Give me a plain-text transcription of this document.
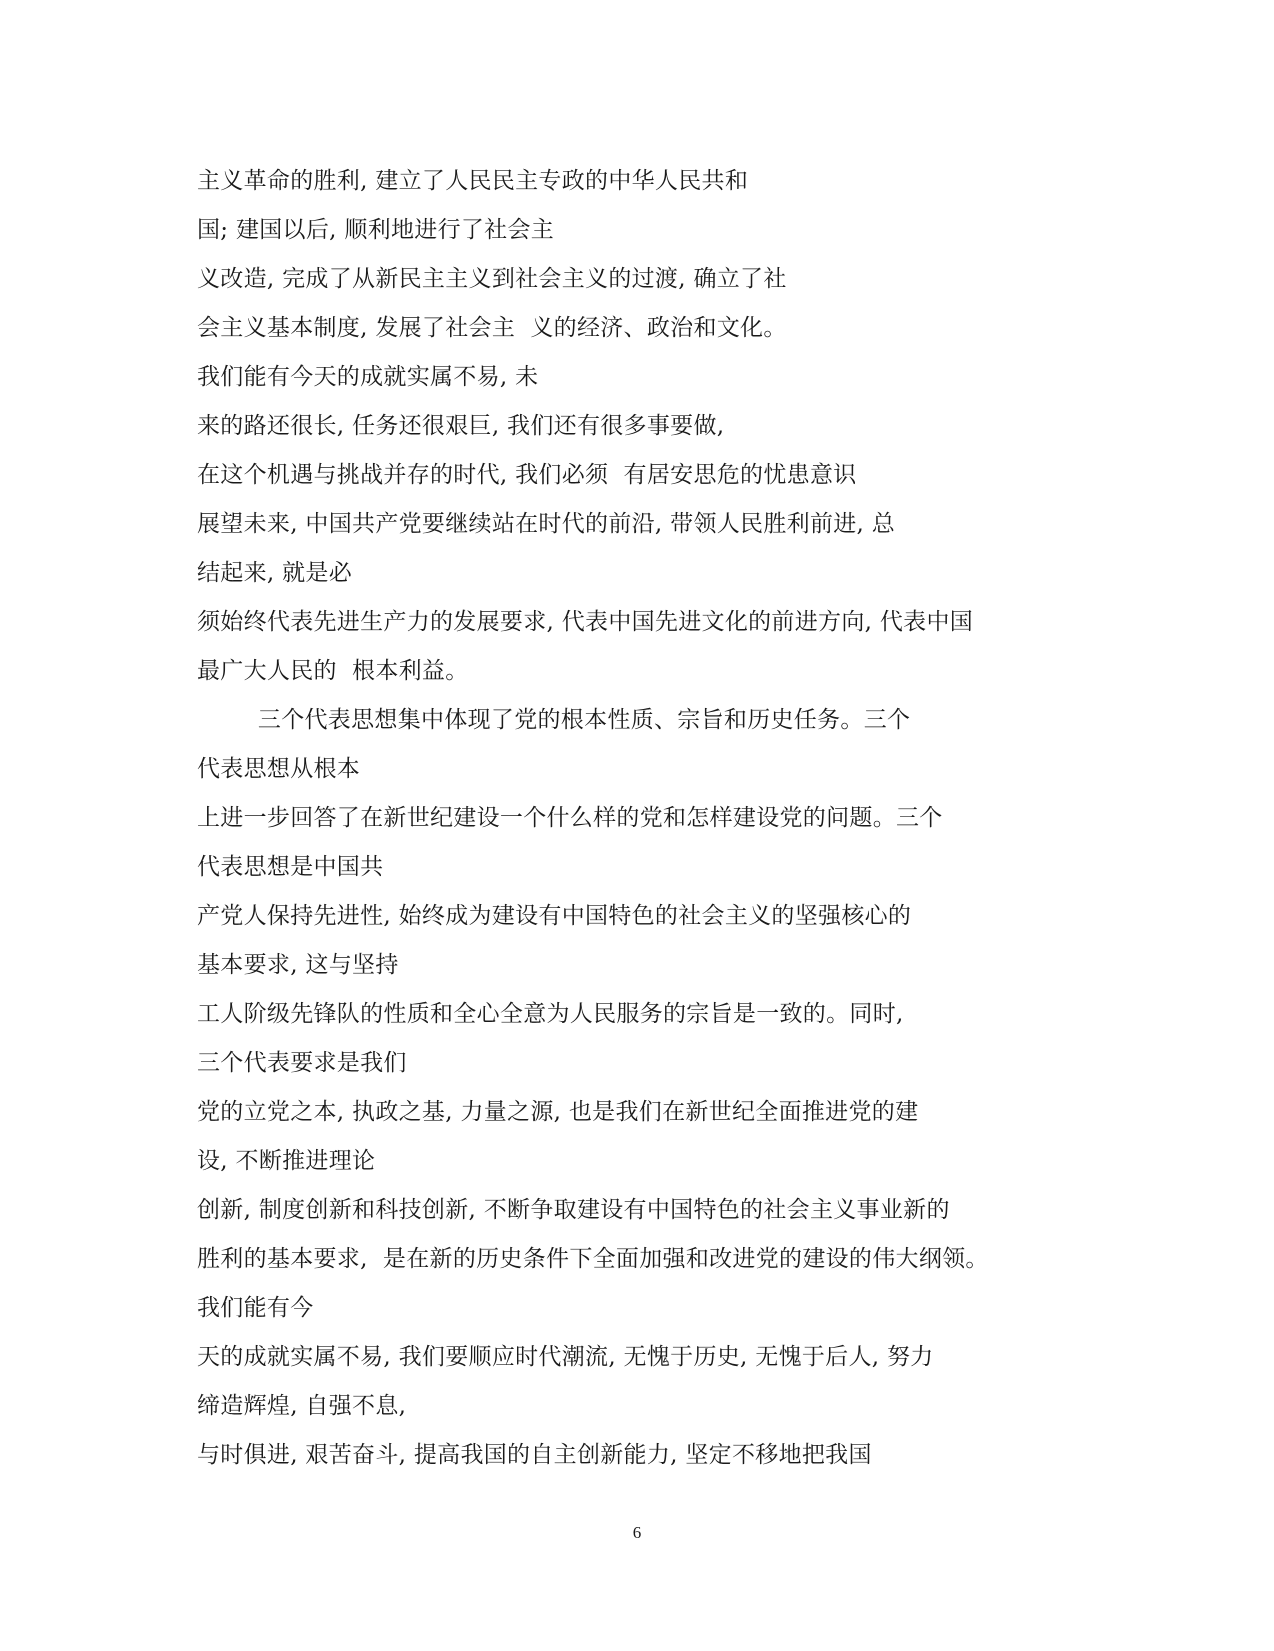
主义革命的胜利, 建立了人民民主专政的中华人民共和
国; 建国以后, 顺利地进行了社会主
义改造, 完成了从新民主主义到社会主义的过渡, 确立了社
会主义基本制度, 发展了社会主  义的经济、政治和文化。
我们能有今天的成就实属不易, 未
来的路还很长, 任务还很艰巨, 我们还有很多事要做,
在这个机遇与挑战并存的时代, 我们必须  有居安思危的忧患意识
展望未来, 中国共产党要继续站在时代的前沿, 带领人民胜利前进, 总
结起来, 就是必
须始终代表先进生产力的发展要求, 代表中国先进文化的前进方向, 代表中国
最广大人民的  根本利益。
三个代表思想集中体现了党的根本性质、宗旨和历史任务。三个
代表思想从根本
上进一步回答了在新世纪建设一个什么样的党和怎样建设党的问题。三个
代表思想是中国共
产党人保持先进性, 始终成为建设有中国特色的社会主义的坚强核心的
基本要求, 这与坚持
工人阶级先锋队的性质和全心全意为人民服务的宗旨是一致的。同时,
三个代表要求是我们
党的立党之本, 执政之基, 力量之源, 也是我们在新世纪全面推进党的建
设, 不断推进理论
创新, 制度创新和科技创新, 不断争取建设有中国特色的社会主义事业新的
胜利的基本要求,  是在新的历史条件下全面加强和改进党的建设的伟大纲领。
我们能有今
天的成就实属不易, 我们要顺应时代潮流, 无愧于历史, 无愧于后人, 努力
缔造辉煌, 自强不息,
与时俱进, 艰苦奋斗, 提高我国的自主创新能力, 坚定不移地把我国
6
